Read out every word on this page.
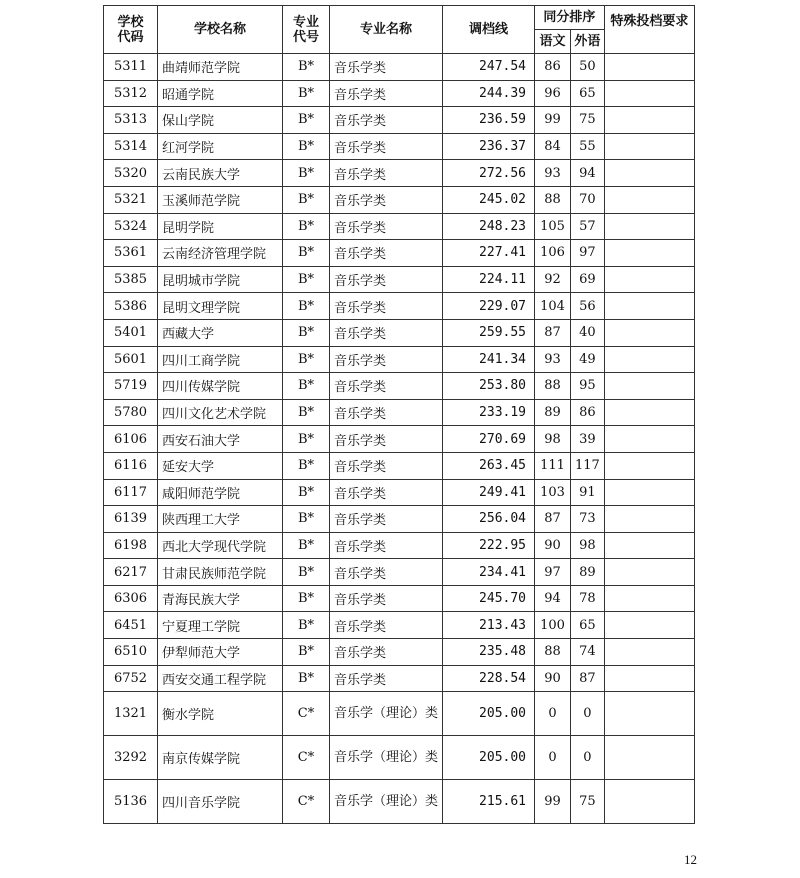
学校代码	学校名称	专业代号	专业名称	调档线	同分排序		特殊投档要求
					语文	外语	
5311	曲靖师范学院	B*	音乐学类	247.54	86	50	
5312	昭通学院	B*	音乐学类	244.39	96	65	
5313	保山学院	B*	音乐学类	236.59	99	75	
5314	红河学院	B*	音乐学类	236.37	84	55	
5320	云南民族大学	B*	音乐学类	272.56	93	94	
5321	玉溪师范学院	B*	音乐学类	245.02	88	70	
5324	昆明学院	B*	音乐学类	248.23	105	57	
5361	云南经济管理学院	B*	音乐学类	227.41	106	97	
5385	昆明城市学院	B*	音乐学类	224.11	92	69	
5386	昆明文理学院	B*	音乐学类	229.07	104	56	
5401	西藏大学	B*	音乐学类	259.55	87	40	
5601	四川工商学院	B*	音乐学类	241.34	93	49	
5719	四川传媒学院	B*	音乐学类	253.80	88	95	
5780	四川文化艺术学院	B*	音乐学类	233.19	89	86	
6106	西安石油大学	B*	音乐学类	270.69	98	39	
6116	延安大学	B*	音乐学类	263.45	111	117	
6117	咸阳师范学院	B*	音乐学类	249.41	103	91	
6139	陕西理工大学	B*	音乐学类	256.04	87	73	
6198	西北大学现代学院	B*	音乐学类	222.95	90	98	
6217	甘肃民族师范学院	B*	音乐学类	234.41	97	89	
6306	青海民族大学	B*	音乐学类	245.70	94	78	
6451	宁夏理工学院	B*	音乐学类	213.43	100	65	
6510	伊犁师范大学	B*	音乐学类	235.48	88	74	
6752	西安交通工程学院	B*	音乐学类	228.54	90	87	
1321	衡水学院	C*	音乐学（理论）类	205.00	0	0	
3292	南京传媒学院	C*	音乐学（理论）类	205.00	0	0	
5136	四川音乐学院	C*	音乐学（理论）类	215.61	99	75	
12
